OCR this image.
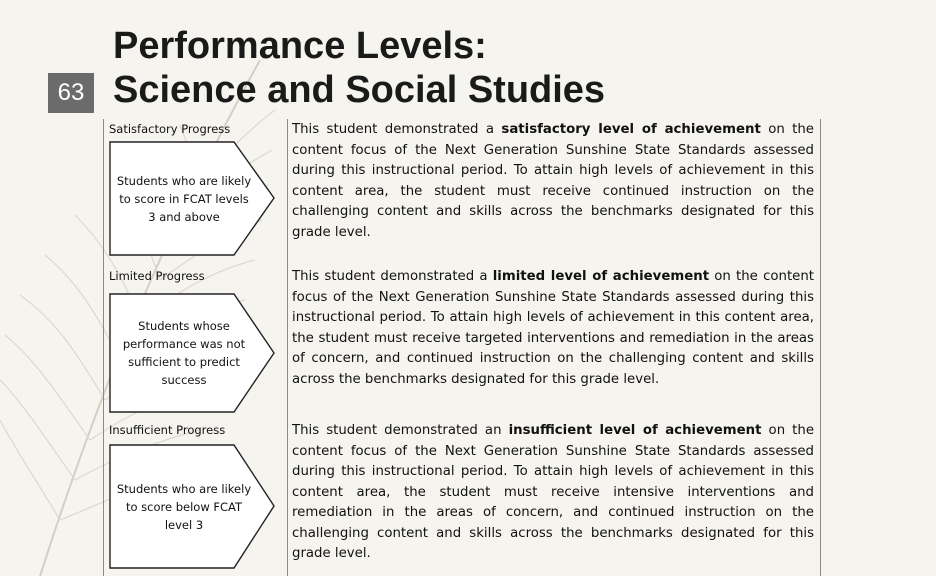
63
Performance Levels:
Science and Social Studies
Satisfactory Progress
Students who are likely to score in FCAT levels 3 and above

This student demonstrated a satisfactory level of achievement on the content focus of the Next Generation Sunshine State Standards assessed during this instructional period. To attain high levels of achievement in this content area, the student must receive continued instruction on the challenging content and skills across the benchmarks designated for this grade level.

Limited Progress
Students whose performance was not sufficient to predict success

This student demonstrated a limited level of achievement on the content focus of the Next Generation Sunshine State Standards assessed during this instructional period. To attain high levels of achievement in this content area, the student must receive targeted interventions and remediation in the areas of concern, and continued instruction on the challenging content and skills across the benchmarks designated for this grade level.

Insufficient Progress
Students who are likely to score below FCAT level 3

This student demonstrated an insufficient level of achievement on the content focus of the Next Generation Sunshine State Standards assessed during this instructional period. To attain high levels of achievement in this content area, the student must receive intensive interventions and remediation in the areas of concern, and continued instruction on the challenging content and skills across the benchmarks designated for this grade level.
